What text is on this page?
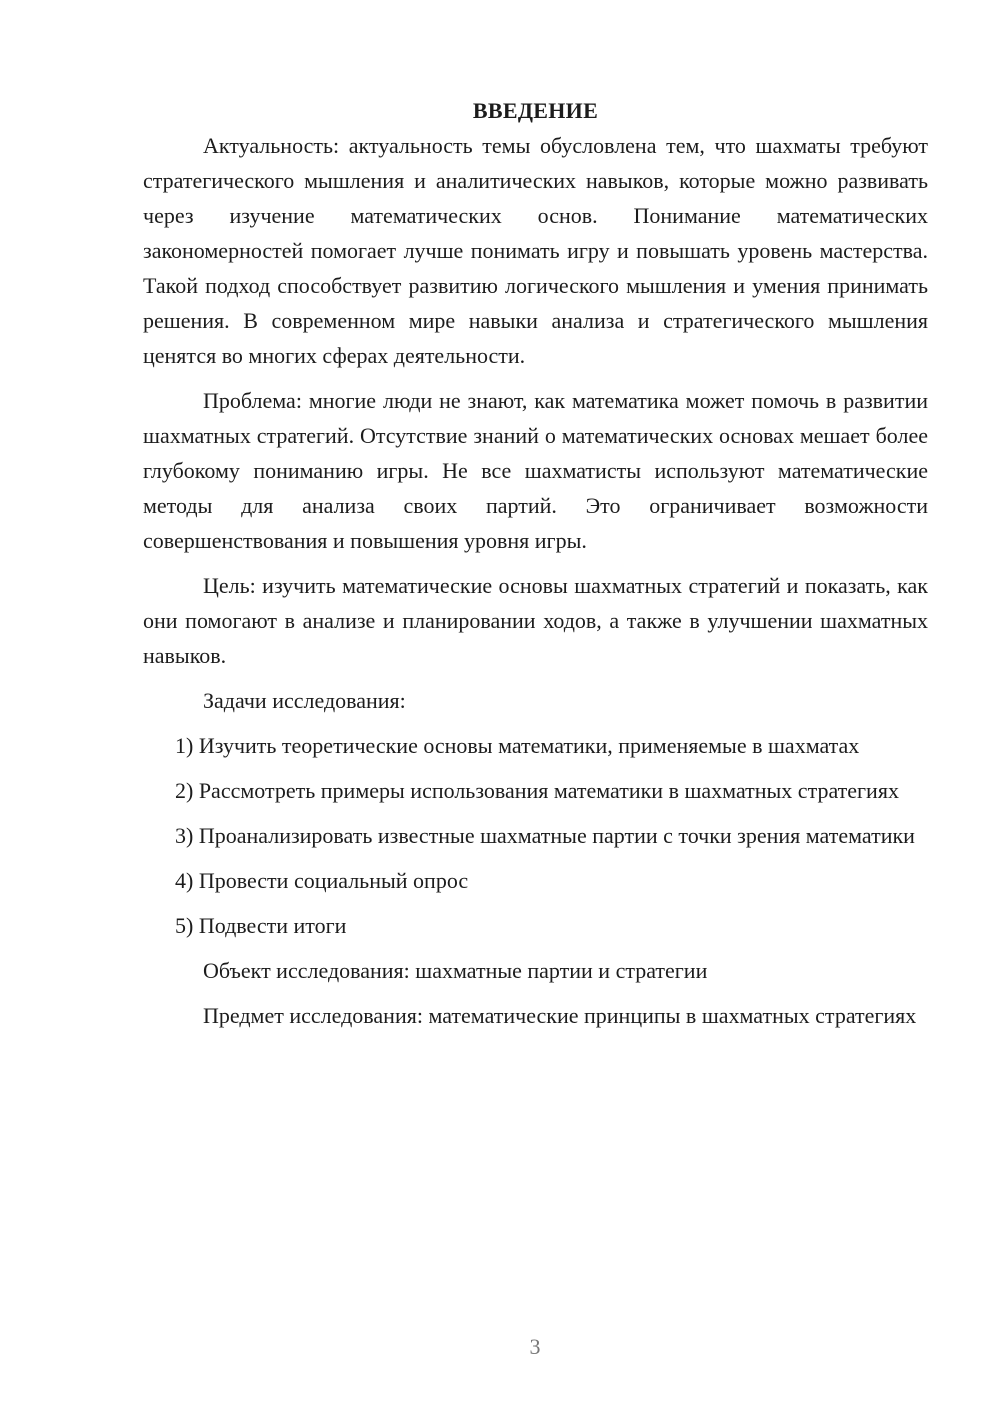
ВВЕДЕНИЕ

Актуальность: актуальность темы обусловлена тем, что шахматы требуют стратегического мышления и аналитических навыков, которые можно развивать через изучение математических основ. Понимание математических закономерностей помогает лучше понимать игру и повышать уровень мастерства. Такой подход способствует развитию логического мышления и умения принимать решения. В современном мире навыки анализа и стратегического мышления ценятся во многих сферах деятельности.

Проблема: многие люди не знают, как математика может помочь в развитии шахматных стратегий. Отсутствие знаний о математических основах мешает более глубокому пониманию игры. Не все шахматисты используют математические методы для анализа своих партий. Это ограничивает возможности совершенствования и повышения уровня игры.

Цель: изучить математические основы шахматных стратегий и показать, как они помогают в анализе и планировании ходов, а также в улучшении шахматных навыков.

Задачи исследования:

1) Изучить теоретические основы математики, применяемые в шахматах

2) Рассмотреть примеры использования математики в шахматных стратегиях

3) Проанализировать известные шахматные партии с точки зрения математики

4) Провести социальный опрос

5) Подвести итоги

Объект исследования: шахматные партии и стратегии

Предмет исследования: математические принципы в шахматных стратегиях

3
